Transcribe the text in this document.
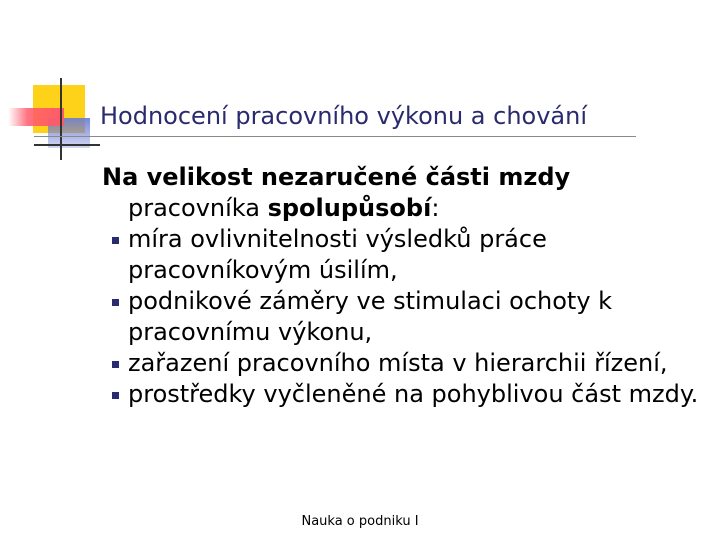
Hodnocení pracovního výkonu a chování

Na velikost nezaručené části mzdy pracovníka spolupůsobí:

míra ovlivnitelnosti výsledků práce pracovníkovým úsilím,
podnikové záměry ve stimulaci ochoty k pracovnímu výkonu,
zařazení pracovního místa v hierarchii řízení,
prostředky vyčleněné na pohyblivou část mzdy.
Nauka o podniku I
